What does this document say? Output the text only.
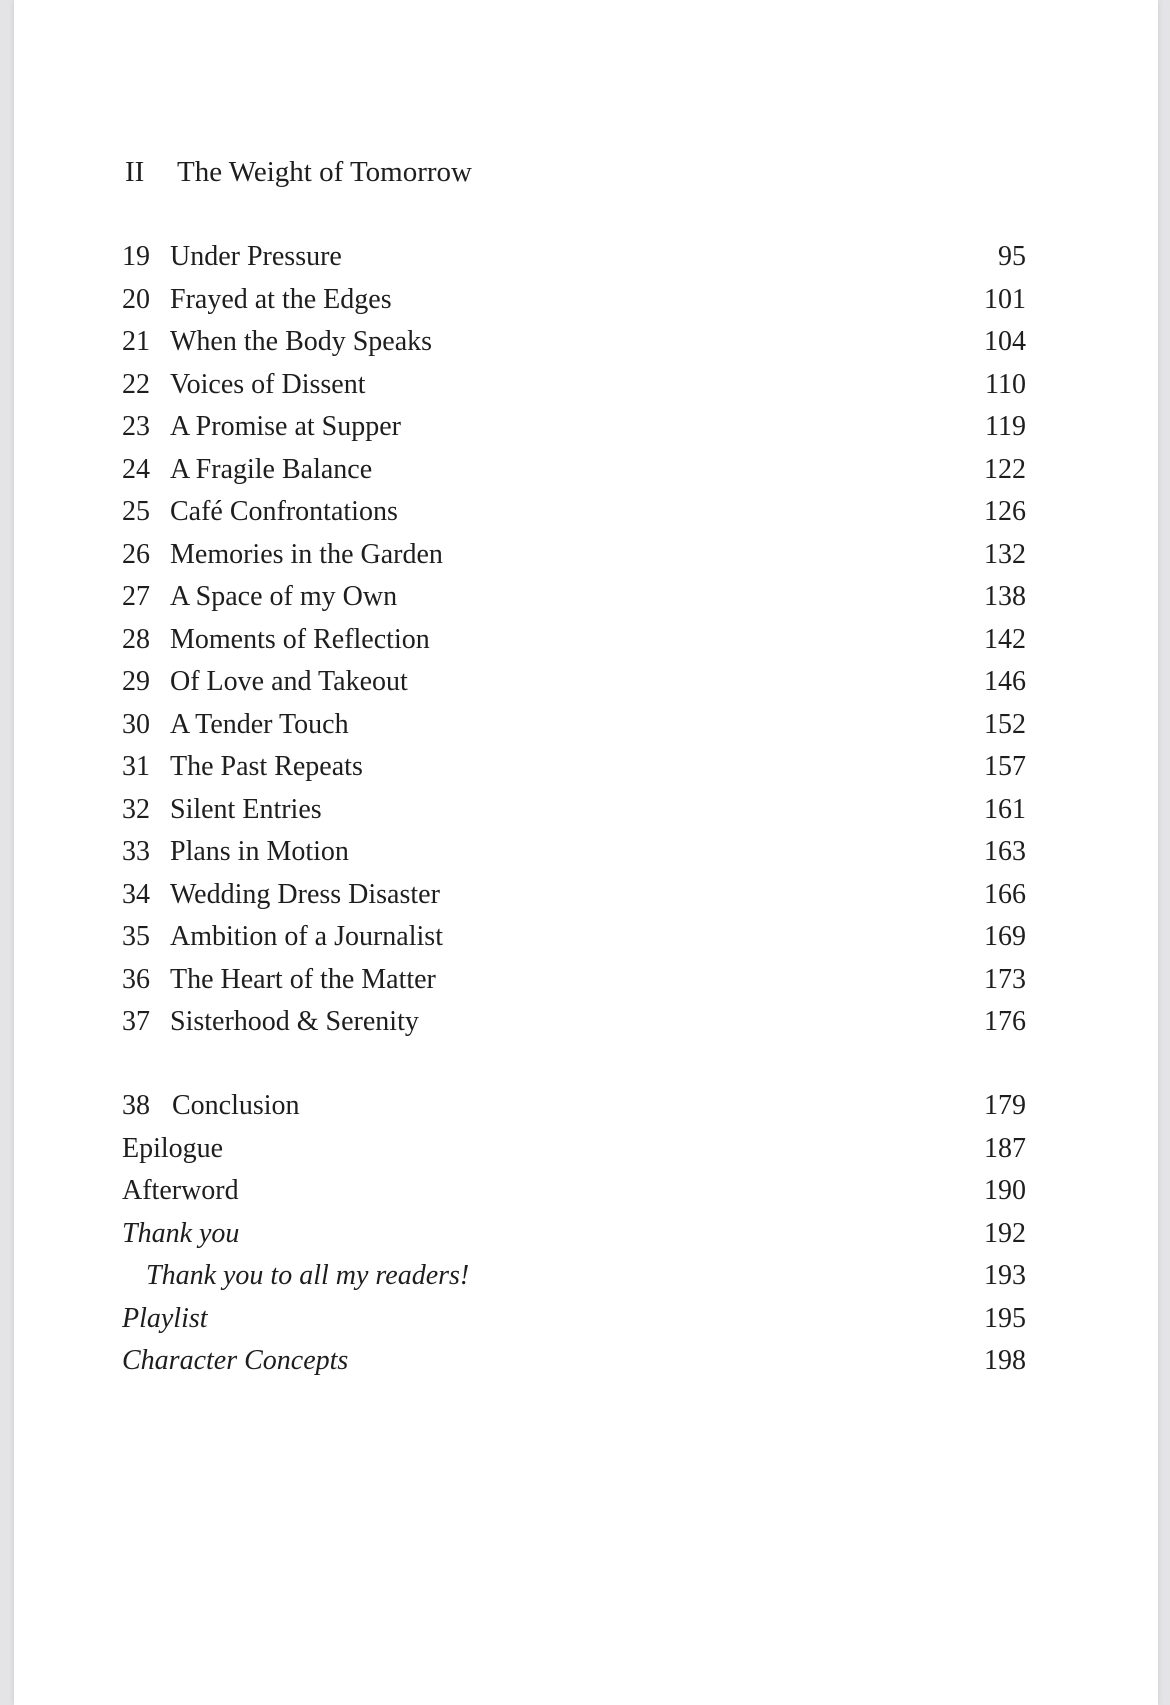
II The Weight of Tomorrow
19 Under Pressure	95
20 Frayed at the Edges	101
21 When the Body Speaks	104
22 Voices of Dissent	110
23 A Promise at Supper	119
24 A Fragile Balance	122
25 Café Confrontations	126
26 Memories in the Garden	132
27 A Space of my Own	138
28 Moments of Reflection	142
29 Of Love and Takeout	146
30 A Tender Touch	152
31 The Past Repeats	157
32 Silent Entries	161
33 Plans in Motion	163
34 Wedding Dress Disaster	166
35 Ambition of a Journalist	169
36 The Heart of the Matter	173
37 Sisterhood & Serenity	176
38 Conclusion	179
Epilogue	187
Afterword	190
Thank you	192
Thank you to all my readers!	193
Playlist	195
Character Concepts	198
